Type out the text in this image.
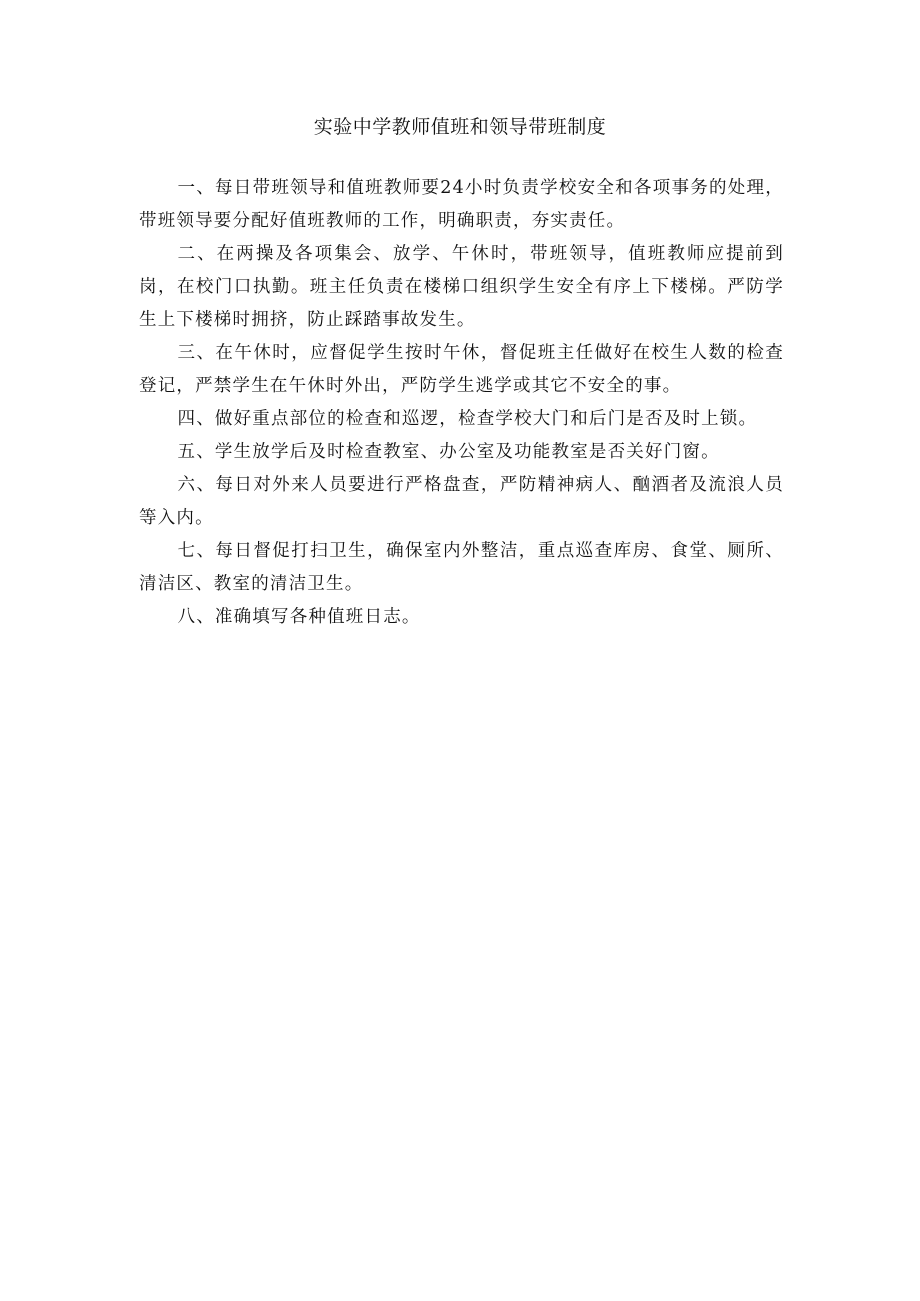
实验中学教师值班和领导带班制度

一、每日带班领导和值班教师要24小时负责学校安全和各项事务的处理，带班领导要分配好值班教师的工作，明确职责，夯实责任。

二、在两操及各项集会、放学、午休时，带班领导，值班教师应提前到岗，在校门口执勤。班主任负责在楼梯口组织学生安全有序上下楼梯。严防学生上下楼梯时拥挤，防止踩踏事故发生。

三、在午休时，应督促学生按时午休，督促班主任做好在校生人数的检查登记，严禁学生在午休时外出，严防学生逃学或其它不安全的事。

四、做好重点部位的检查和巡逻，检查学校大门和后门是否及时上锁。

五、学生放学后及时检查教室、办公室及功能教室是否关好门窗。

六、每日对外来人员要进行严格盘查，严防精神病人、酗酒者及流浪人员等入内。

七、每日督促打扫卫生，确保室内外整洁，重点巡查库房、食堂、厕所、清洁区、教室的清洁卫生。

八、准确填写各种值班日志。
